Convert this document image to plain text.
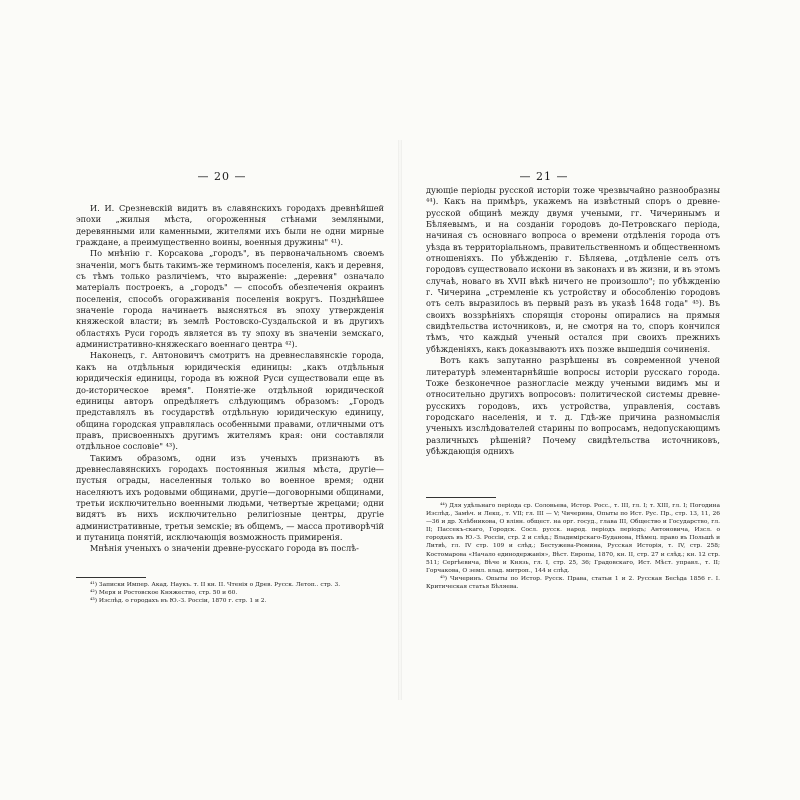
— 20 —

И. И. Срезневскій видитъ въ славянскихъ городахъ древнѣйшей эпохи „жилыя мѣста, огороженныя стѣнами земляными, деревянными или каменными, жителями ихъ были не одни мирные граждане, а преимущественно воины, военныя дружины" ⁴¹).

По мнѣнію г. Корсакова „городъ", въ первоначальномъ своемъ значеніи, могъ быть такимъ-же терминомъ поселенія, какъ и деревня, съ тѣмъ только различіемъ, что выраженіе: „деревня" означало матеріалъ построекъ, а „городъ" — способъ обезпеченія окраинъ поселенія, способъ огораживанія поселенія вокругъ. Позднѣйшее значеніе города начинаетъ выясняться въ эпоху утвержденія княжеской власти; въ землѣ Ростовско-Суздальской и въ другихъ областяхъ Руси городъ является въ ту эпоху въ значеніи земскаго, административно-княжескаго военнаго центра ⁴²).

Наконецъ, г. Антоновичъ смотритъ на древнеславянскіе города, какъ на отдѣльныя юридическія единицы: „какъ отдѣльныя юридическія единицы, города въ южной Руси существовали еще въ до-историческое время". Понятіе-же отдѣльной юридической единицы авторъ опредѣляетъ слѣдующимъ образомъ: „Городъ представлялъ въ государствѣ отдѣльную юридическую единицу, община городская управлялась особенными правами, отличными отъ правъ, присвоенныхъ другимъ жителямъ края: они составляли отдѣльное сословіе" ⁴³).

Такимъ образомъ, одни изъ ученыхъ признаютъ въ древнеславянскихъ городахъ постоянныя жилыя мѣста, другіе—пустыя ограды, населенныя только во военное время; одни населяютъ ихъ родовыми общинами, другіе—договорными общинами, третьи исключительно военными людьми, четвертые жрецами; одни видятъ въ нихъ исключительно религіозные центры, другіе административные, третьи земскіе; въ общемъ, — масса противорѣчій и путаница понятій, исключающія возможность примиренія.

Мнѣнія ученыхъ о значеніи древне-русскаго города въ послѣ-

⁴¹) Записки Импер. Акад. Наукъ. т. II кн. II. Чтенія о Древ. Русск. Летоп.. стр. 3.

⁴²) Меря и Ростовское Княжество, стр. 50 и 60.

⁴³) Изслѣд. о городахъ въ Ю.-З. Россіи, 1870 г. стр. 1 и 2.

— 21 —

дующіе періоды русской исторіи тоже чрезвычайно разнообразны ⁴⁴). Какъ на примѣръ, укажемъ на извѣстный споръ о древне-русской общинѣ между двумя учеными, гг. Чичеринымъ и Бѣляевымъ, и на созданіи городовъ до-Петровскаго періода, начиная съ основнаго вопроса о времени отдѣленія города отъ уѣзда въ территоріальномъ, правительственномъ и общественномъ отношеніяхъ. По убѣжденію г. Бѣляева, „отдѣленіе селъ отъ городовъ существовало искони въ законахъ и въ жизни, и въ этомъ случаѣ, новаго въ XVII вѣкѣ ничего не произошло"; по убѣжденію г. Чичерина „стремленіе къ устройству и обособленію городовъ отъ селъ выразилось въ первый разъ въ указѣ 1648 года" ⁴⁵). Въ своихъ воззрѣніяхъ спорящія стороны опирались на прямыя свидѣтельства источниковъ, и, не смотря на то, споръ кончился тѣмъ, что каждый ученый остался при своихъ прежнихъ убѣжденіяхъ, какъ доказываютъ ихъ позже вышедшія сочиненія.

Вотъ какъ запутанно разрѣшены въ современной ученой литературѣ элементарнѣйшіе вопросы исторіи русскаго города. Тоже безконечное разногласіе между учеными видимъ мы и относительно другихъ вопросовъ: политической системы древне-русскихъ городовъ, ихъ устройства, управленія, составъ городскаго населенія, и т. д. Гдѣ-же причина разномыслія ученыхъ изслѣдователей старины по вопросамъ, недопускающимъ различныхъ рѣшеній? Почему свидѣтельства источниковъ, убѣждающія однихъ

⁴⁴) Для удѣльнаго періода ср. Соловьева, Истор. Росс., т. III, гл. I; т. XIII, гл. I; Погодина Изслѣд., Замѣч. и Лекц., т. VII; гл. III — V; Чичерина, Опыты по Ист. Рус. Пр., стр. 13, 11, 26—36 и др. Хлѣбникова, О вліян. общест. на орг. госуд., глава III, Общество и Государство, гл. II; Пассекъ-скаго, Городск. Сосл. русск. народ. періодъ періодъ; Антоновича, Изсл. о городахъ въ Ю.-З. Россіи, стр. 2 и слѣд.; Владимірскаго-Буданова, Нѣмец. право въ Польшѣ и Литвѣ, гл. IV стр. 109 и слѣд.; Бестужева-Рюмина, Русская Исторія, т. IV, стр. 258; Костомарова «Начало единодержавія», Вѣст. Европы, 1870, кн. II, стр. 27 и слѣд.; кн. 12 стр. 511; Сергѣевича, Вѣче и Князь, гл. I, стр. 25, 36; Градовскаго, Ист. Мѣст. управл., т. II; Горчакова, О земл. влад. митроп., 144 и слѣд.

⁴⁵) Чичеринъ. Опыты по Истор. Русск. Права, статьи 1 и 2. Русская Бесѣда 1856 г. I. Критическая статья Бѣляева.
